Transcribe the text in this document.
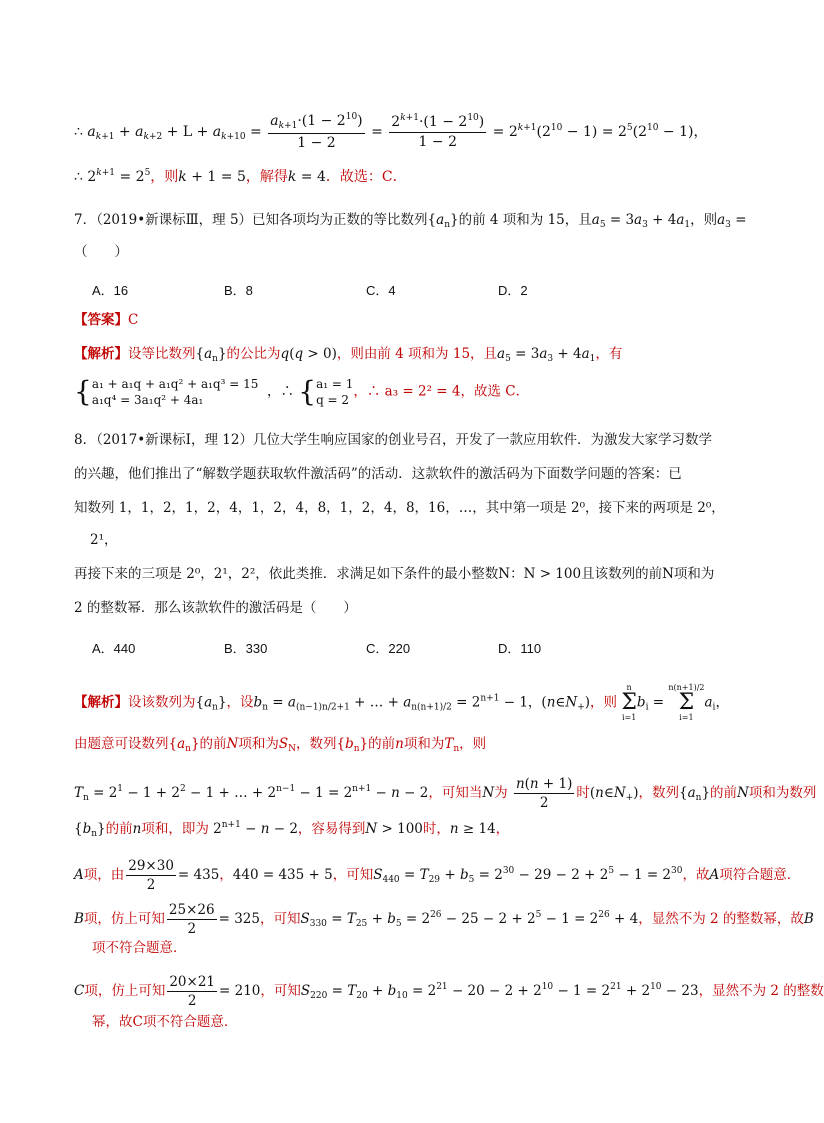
∴ $a_{k+1} + a_{k+2} + L + a_{k+10} = \frac{a_{k+1}\cdot(1 - 2^{10})}{1 - 2} = \frac{2^{k+1}\cdot(1 - 2^{10})}{1 - 2} = 2^{k+1}(2^{10} - 1) = 2^5(2^{10} - 1)$，
∴ $2^{k+1} = 2^5$，则k + 1 = 5，解得k = 4．故选：C．
7．（2019•新课标Ⅲ，理 5）已知各项均为正数的等比数列$\{a_n\}$的前 4 项和为 15，且$a_5 = 3a_3 + 4a_1$，则$a_3$ =
（　　）
A．16	B．8	C．4	D．2
【答案】C
【解析】设等比数列$\{a_n\}$的公比为q(q > 0)，则由前 4 项和为 15，且$a_5 = 3a_3 + 4a_1$，有
{ a₁ + a₁q + a₁q² + a₁q³ = 15
a₁q⁴ = 3a₁q² + 4a₁
，∴ { a₁ = 1
q = 2
，∴ a₃ = 2² = 4，故选 C．
8．（2017•新课标Ⅰ，理 12）几位大学生响应国家的创业号召，开发了一款应用软件．为激发大家学习数学
的兴趣，他们推出了“解数学题获取软件激活码”的活动．这款软件的激活码为下面数学问题的答案：已
知数列 1，1，2，1，2，4，1，2，4，8，1，2，4，8，16，…，其中第一项是 2⁰，接下来的两项是 2⁰，
2¹，
再接下来的三项是 2⁰，2¹，2²，依此类推．求满足如下条件的最小整数N：N > 100且该数列的前N项和为
2 的整数幂．那么该款软件的激活码是（　　）
A．440	B．330	C．220	D．110
【解析】设该数列为$\{a_n\}$，设$b_n = a_{(n-1)n/2+1}$ + … + $a_{n(n+1)/2} = 2^{n+1} - 1$，$(n\in N_+)$，则
n
Σ
i=1
$b_i$ =
n(n+1)/2
Σ
i=1
$a_i$，
由题意可设数列$\{a_n\}$的前N项和为$S_N$，数列$\{b_n\}$的前n项和为$T_n$，则
$T_n = 2^1 - 1 + 2^2 - 1$ + … + $2^{n-1} - 1 = 2^{n+1} - n - 2$，可知当N为 $\frac{n(n + 1)}{2}$ 时$(n\in N_+)$，数列$\{a_n\}$的前N项和为数列
$\{b_n\}$的前n项和，即为 $2^{n+1} - n - 2$，容易得到N > 100时，n ≥ 14，
A项，由 $\frac{29\times 30}{2} = 435$，440 = 435 + 5，可知$S_{440} = T_{29} + b_5 = 2^{30} - 29 - 2 + 2^5 - 1 = 2^{30}$，故A项符合题意．
B项，仿上可知 $\frac{25\times 26}{2} = 325$，可知$S_{330} = T_{25} + b_5 = 2^{26} - 25 - 2 + 2^5 - 1 = 2^{26} + 4$，显然不为 2 的整数幂，故B
项不符合题意．
C项，仿上可知 $\frac{20\times 21}{2} = 210$，可知$S_{220} = T_{20} + b_{10} = 2^{21} - 20 - 2 + 2^{10} - 1 = 2^{21} + 2^{10} - 23$，显然不为 2 的整数
幂，故C项不符合题意．
